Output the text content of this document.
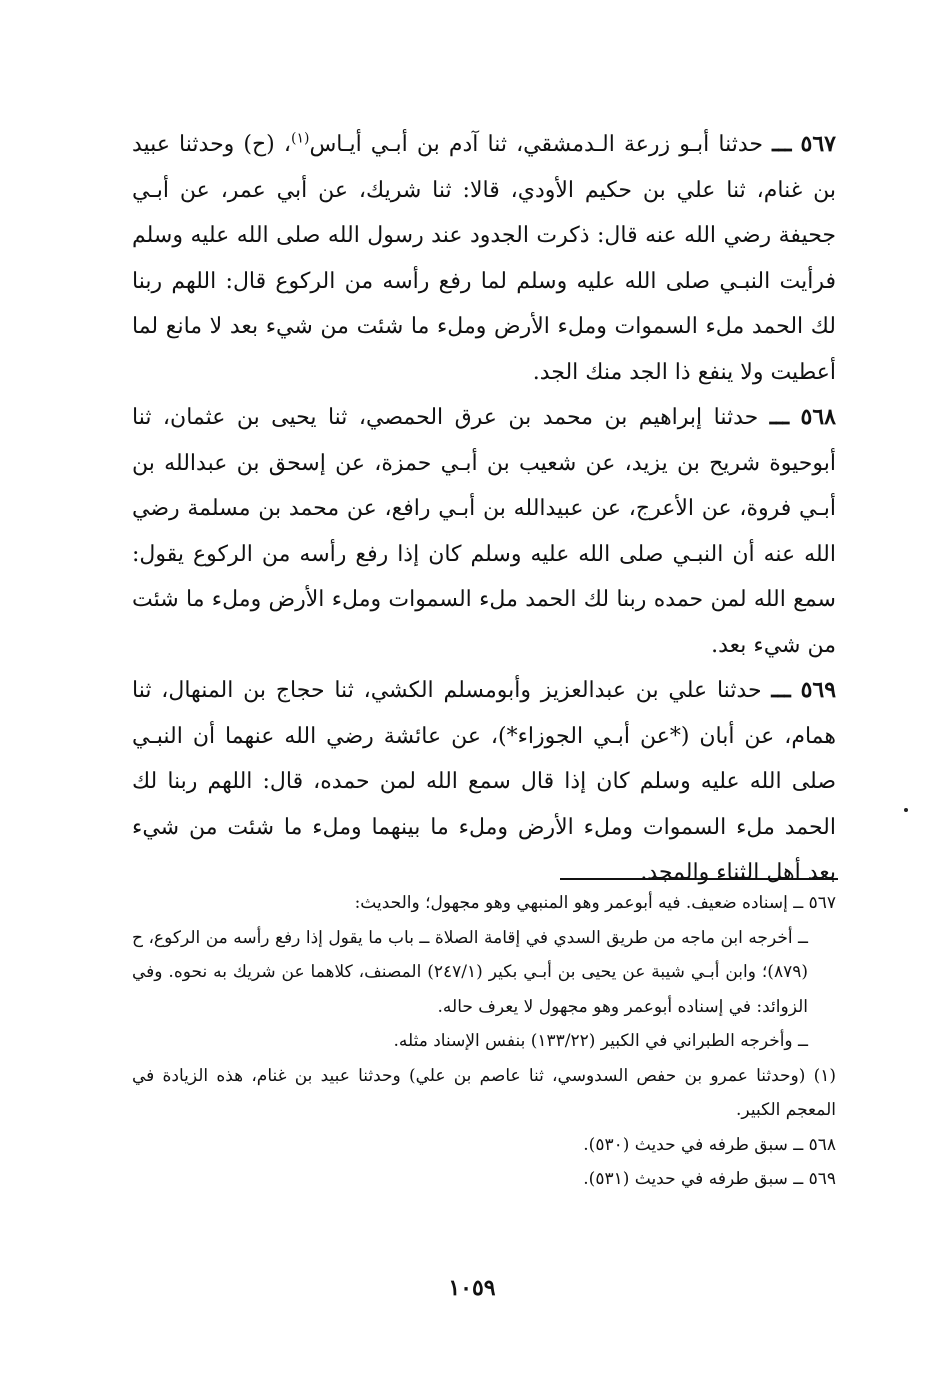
٥٦٧ ـــ حدثنا أبـو زرعة الـدمشقي، ثنا آدم بن أبـي أيـاس$^{(١)}$، (ح) وحدثنا عبيد بن غنام، ثنا علي بن حكيم الأودي، قالا: ثنا شريك، عن أبي عمر، عن أبـي جحيفة رضي الله عنه قال: ذكرت الجدود عند رسول الله صلى الله عليه وسلم فرأيت النبـي صلى الله عليه وسلم لما رفع رأسه من الركوع قال: اللهم ربنا لك الحمد ملء السموات وملء الأرض وملء ما شئت من شيء بعد لا مانع لما أعطيت ولا ينفع ذا الجد منك الجد.

٥٦٨ ـــ حدثنا إبراهيم بن محمد بن عرق الحمصي، ثنا يحيى بن عثمان، ثنا أبوحيوة شريح بن يزيد، عن شعيب بن أبـي حمزة، عن إسحق بن عبدالله بن أبـي فروة، عن الأعرج، عن عبيدالله بن أبـي رافع، عن محمد بن مسلمة رضي الله عنه أن النبـي صلى الله عليه وسلم كان إذا رفع رأسه من الركوع يقول: سمع الله لمن حمده ربنا لك الحمد ملء السموات وملء الأرض وملء ما شئت من شيء بعد.

٥٦٩ ـــ حدثنا علي بن عبدالعزيز وأبومسلم الكشي، ثنا حجاج بن المنهال، ثنا همام، عن أبان (*عن أبـي الجوزاء*)، عن عائشة رضي الله عنهما أن النبـي صلى الله عليه وسلم كان إذا قال سمع الله لمن حمده، قال: اللهم ربنا لك الحمد ملء السموات وملء الأرض وملء ما بينهما وملء ما شئت من شيء بعد أهل الثناء والمجد.

٥٦٧ ــ إسناده ضعيف. فيه أبوعمر وهو المنبهي وهو مجهول؛ والحديث:

ــ أخرجه ابن ماجه من طريق السدي في إقامة الصلاة ــ باب ما يقول إذا رفع رأسه من الركوع، ح (٨٧٩)؛ وابن أبـي شيبة عن يحيى بن أبـي بكير (٢٤٧/١) المصنف، كلاهما عن شريك به نحوه. وفي الزوائد: في إسناده أبوعمر وهو مجهول لا يعرف حاله.

ــ وأخرجه الطبراني في الكبير (١٣٣/٢٢) بنفس الإسناد مثله.

(١) (وحدثنا عمرو بن حفص السدوسي، ثنا عاصم بن علي) وحدثنا عبيد بن غنام، هذه الزيادة في المعجم الكبير.

٥٦٨ ــ سبق طرفه في حديث (٥٣٠).

٥٦٩ ــ سبق طرفه في حديث (٥٣١).

١٠٥٩
